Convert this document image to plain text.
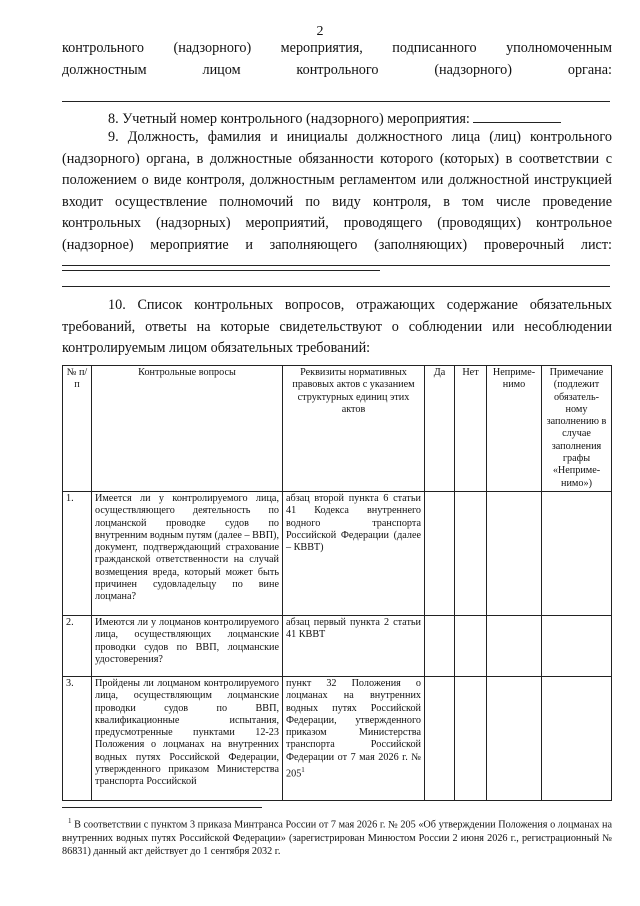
2
контрольного (надзорного) мероприятия, подписанного уполномоченным
должностным лицом контрольного (надзорного) органа:
8. Учетный номер контрольного (надзорного) мероприятия:
9. Должность, фамилия и инициалы должностного лица (лиц) контрольного (надзорного) органа, в должностные обязанности которого (которых) в соответствии с положением о виде контроля, должностным регламентом или должностной инструкцией входит осуществление полномочий по виду контроля, в том числе проведение контрольных (надзорных) мероприятий, проводящего (проводящих) контрольное (надзорное) мероприятие и заполняющего (заполняющих) проверочный лист:
10. Список контрольных вопросов, отражающих содержание обязательных требований, ответы на которые свидетельствуют о соблюдении или несоблюдении контролируемым лицом обязательных требований:
№ п/п	Контрольные вопросы	Реквизиты нормативных правовых актов с указанием структурных единиц этих актов	Да	Нет	Неприме-нимо	Примечание (подлежит обязатель-ному заполнению в случае заполнения графы «Неприме-нимо»)
1.	Имеется ли у контролируемого лица, осуществляющего деятельность по лоцманской проводке судов по внутренним водным путям (далее – ВВП), документ, подтверждающий страхование гражданской ответственности на случай возмещения вреда, который может быть причинен судовладельцу по вине лоцмана?	абзац второй пункта 6 статьи 41 Кодекса внутреннего водного транспорта Российской Федерации (далее – КВВТ)				
2.	Имеются ли у лоцманов контролируемого лица, осуществляющих лоцманские проводки судов по ВВП, лоцманские удостоверения?	абзац первый пункта 2 статьи 41 КВВТ				
3.	Пройдены ли лоцманом контролируемого лица, осуществляющим лоцманские проводки судов по ВВП, квалификационные испытания, предусмотренные пунктами 12-23 Положения о лоцманах на внутренних водных путях Российской Федерации, утвержденного приказом Министерства транспорта Российской	пункт 32 Положения о лоцманах на внутренних водных путях Российской Федерации, утвержденного приказом Министерства транспорта Российской Федерации от 7 мая 2026 г. № $205^1$				
$^1$ В соответствии с пунктом 3 приказа Минтранса России от 7 мая 2026 г. № 205 «Об утверждении Положения о лоцманах на внутренних водных путях Российской Федерации» (зарегистрирован Минюстом России 2 июня 2026 г., регистрационный № 86831) данный акт действует до 1 сентября 2032 г.
